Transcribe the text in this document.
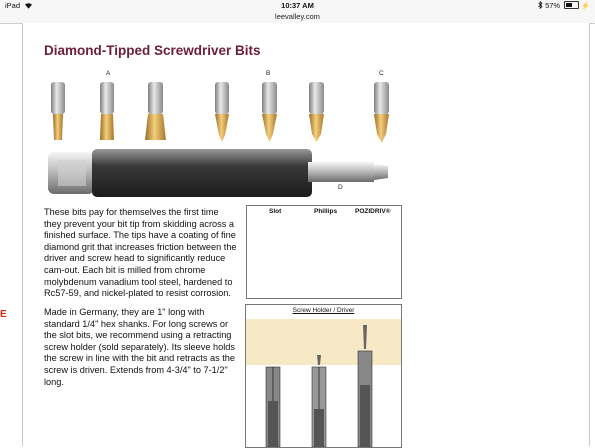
iPad	10:37 AM	57%	⚡
leevalley.com
E
Diamond-Tipped Screwdriver Bits
A	B	C
D
These bits pay for themselves the first time
they prevent your bit tip from skidding across a
finished surface. The tips have a coating of fine
diamond grit that increases friction between the
driver and screw head to significantly reduce
cam-out. Each bit is milled from chrome
molybdenum vanadium tool steel, hardened to
Rc57-59, and nickel-plated to resist corrosion.
Made in Germany, they are 1" long with
standard 1/4" hex shanks. For long screws or
the slot bits, we recommend using a retracting
screw holder (sold separately). Its sleeve holds
the screw in line with the bit and retracts as the
screw is driven. Extends from 4-3/4" to 7-1/2"
long.
Slot	Phillips	POZIDRIV®
Screw Holder / Driver
